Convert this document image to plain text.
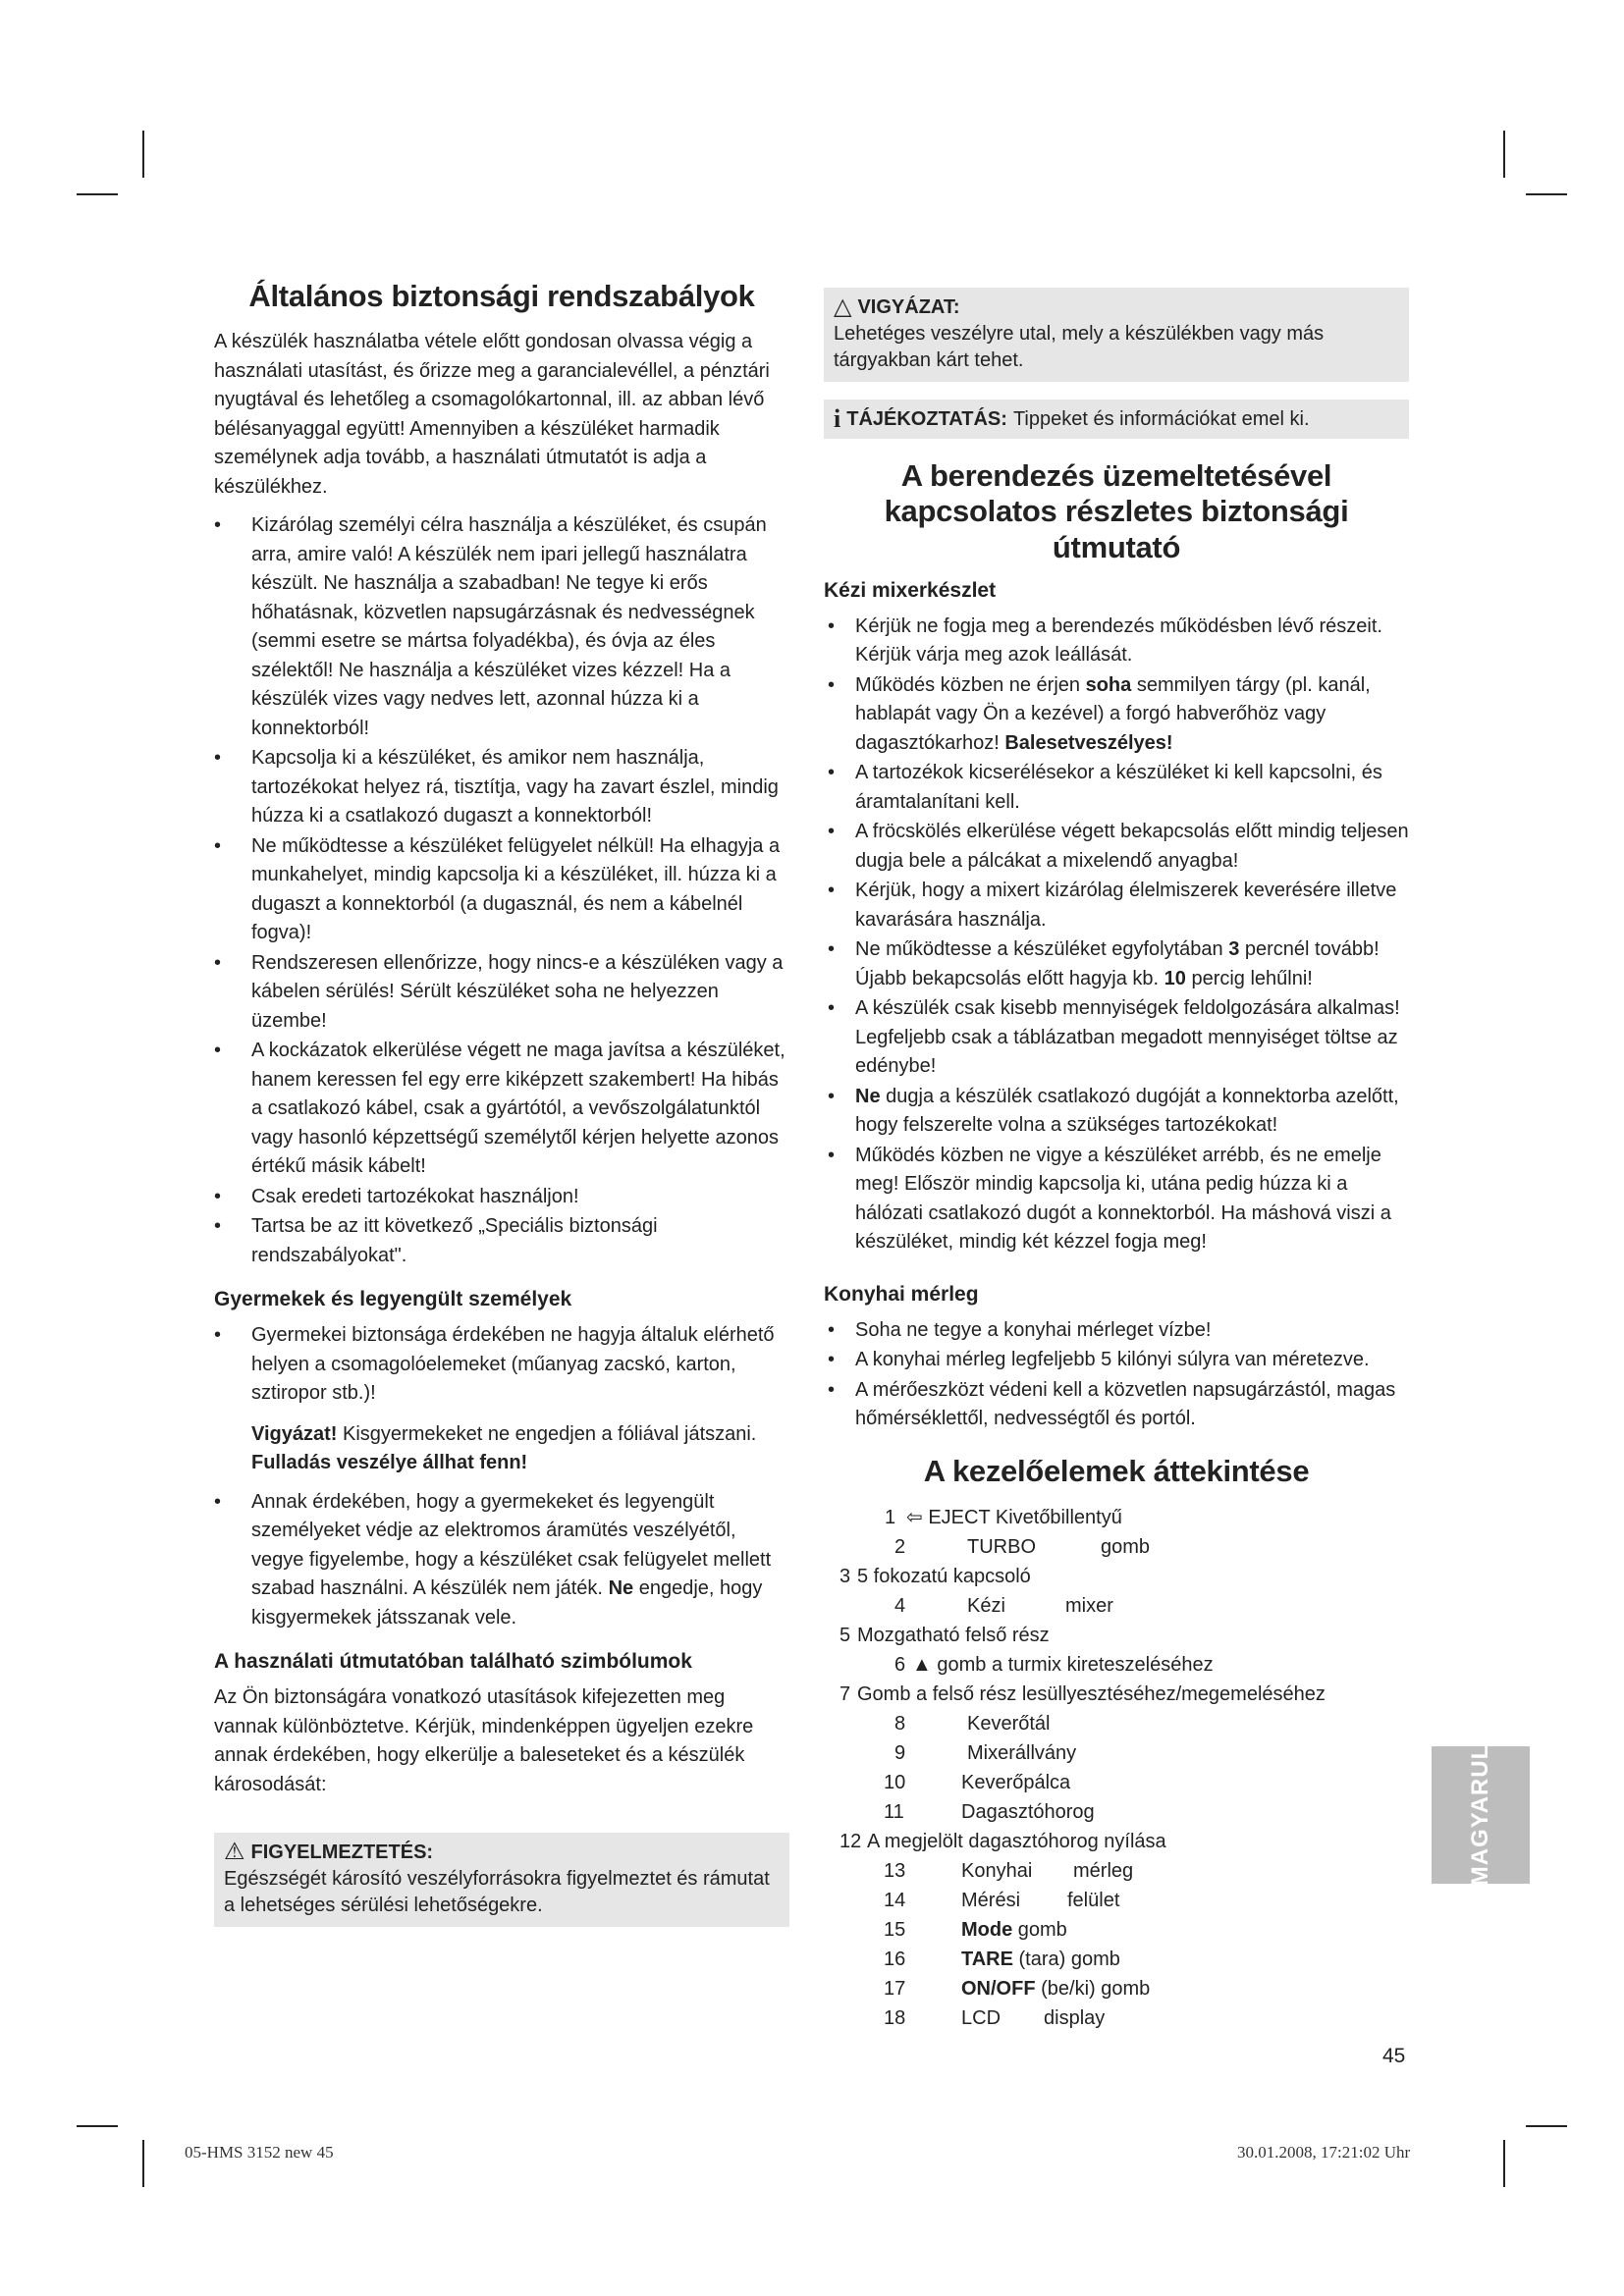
Általános biztonsági rendszabályok

A készülék használatba vétele előtt gondosan olvassa végig a használati utasítást, és őrizze meg a garancialevéllel, a pénztári nyugtával és lehetőleg a csomagolókartonnal, ill. az abban lévő bélésanyaggal együtt! Amennyiben a készüléket harmadik személynek adja tovább, a használati útmutatót is adja a készülékhez.

• Kizárólag személyi célra használja a készüléket, és csupán arra, amire való! A készülék nem ipari jellegű használatra készült. Ne használja a szabadban! Ne tegye ki erős hőhatásnak, közvetlen napsugárzásnak és nedvességnek (semmi esetre se mártsa folyadékba), és óvja az éles szélektől! Ne használja a készüléket vizes kézzel! Ha a készülék vizes vagy nedves lett, azonnal húzza ki a konnektorból!
• Kapcsolja ki a készüléket, és amikor nem használja, tartozékokat helyez rá, tisztítja, vagy ha zavart észlel, mindig húzza ki a csatlakozó dugaszt a konnektorból!
• Ne működtesse a készüléket felügyelet nélkül! Ha elhagyja a munkahelyet, mindig kapcsolja ki a készüléket, ill. húzza ki a dugaszt a konnektorból (a dugasznál, és nem a kábelnél fogva)!
• Rendszeresen ellenőrizze, hogy nincs-e a készüléken vagy a kábelen sérülés! Sérült készüléket soha ne helyezzen üzembe!
• A kockázatok elkerülése végett ne maga javítsa a készüléket, hanem keressen fel egy erre kiképzett szakembert! Ha hibás a csatlakozó kábel, csak a gyártótól, a vevőszolgálatunktól vagy hasonló képzettségű személytől kérjen helyette azonos értékű másik kábelt!
• Csak eredeti tartozékokat használjon!
• Tartsa be az itt következő „Speciális biztonsági rendszabályokat".
Gyermekek és legyengült személyek
• Gyermekei biztonsága érdekében ne hagyja általuk elérhető helyen a csomagolóelemeket (műanyag zacskó, karton, sztiropor stb.)!

Vigyázat! Kisgyermekeket ne engedjen a fóliával játszani.
Fulladás veszélye állhat fenn!

• Annak érdekében, hogy a gyermekeket és legyengült személyeket védje az elektromos áramütés veszélyétől, vegye figyelembe, hogy a készüléket csak felügyelet mellett szabad használni. A készülék nem játék. Ne engedje, hogy kisgyermekek játsszanak vele.
A használati útmutatóban található szimbólumok

Az Ön biztonságára vonatkozó utasítások kifejezetten meg vannak különböztetve. Kérjük, mindenképpen ügyeljen ezekre annak érdekében, hogy elkerülje a baleseteket és a készülék károsodását:

⚠ FIGYELMEZTETÉS:
Egészségét károsító veszélyforrásokra figyelmeztet és rámutat a lehetséges sérülési lehetőségekre.
△ VIGYÁZAT:
Lehetéges veszélyre utal, mely a készülékben vagy más tárgyakban kárt tehet.
i TÁJÉKOZTATÁS: Tippeket és információkat emel ki.
A berendezés üzemeltetésével kapcsolatos részletes biztonsági útmutató
Kézi mixerkészlet
• Kérjük ne fogja meg a berendezés működésben lévő részeit. Kérjük várja meg azok leállását.
• Működés közben ne érjen soha semmilyen tárgy (pl. kanál, hablapát vagy Ön a kezével) a forgó habverőhöz vagy dagasztókarhoz! Balesetveszélyes!
• A tartozékok kicserélésekor a készüléket ki kell kapcsolni, és áramtalanítani kell.
• A fröcskölés elkerülése végett bekapcsolás előtt mindig teljesen dugja bele a pálcákat a mixelendő anyagba!
• Kérjük, hogy a mixert kizárólag élelmiszerek keverésére illetve kavarására használja.
• Ne működtesse a készüléket egyfolytában 3 percnél tovább! Újabb bekapcsolás előtt hagyja kb. 10 percig lehűlni!
• A készülék csak kisebb mennyiségek feldolgozására alkalmas! Legfeljebb csak a táblázatban megadott mennyiséget töltse az edénybe!
• Ne dugja a készülék csatlakozó dugóját a konnektorba azelőtt, hogy felszerelte volna a szükséges tartozékokat!
• Működés közben ne vigye a készüléket arrébb, és ne emelje meg! Először mindig kapcsolja ki, utána pedig húzza ki a hálózati csatlakozó dugót a konnektorból. Ha máshová viszi a készüléket, mindig két kézzel fogja meg!
Konyhai mérleg
• Soha ne tegye a konyhai mérleget vízbe!
• A konyhai mérleg legfeljebb 5 kilónyi súlyra van méretezve.
• A mérőeszközt védeni kell a közvetlen napsugárzástól, magas hőmérséklettől, nedvességtől és portól.
A kezelőelemek áttekintése
1 ⇦ EJECT Kivetőbillentyű
2	TURBO	gomb
3 5 fokozatú kapcsoló
4	Kézi	mixer
5 Mozgatható felső rész
6 ▲ gomb a turmix kireteszeléséhez
7 Gomb a felső rész lesüllyesztéséhez/megemeléséhez
8	Keverőtál
9	Mixerállvány
10	Keverőpálca
11	Dagasztóhorog
12 A megjelölt dagasztóhorog nyílása
13	Konyhai mérleg
14	Mérési felület
15	Mode gomb
16	TARE (tara) gomb
17	ON/OFF (be/ki) gomb
18	LCD display
MAGYARUL
45
05-HMS 3152 new 45	30.01.2008, 17:21:02 Uhr
